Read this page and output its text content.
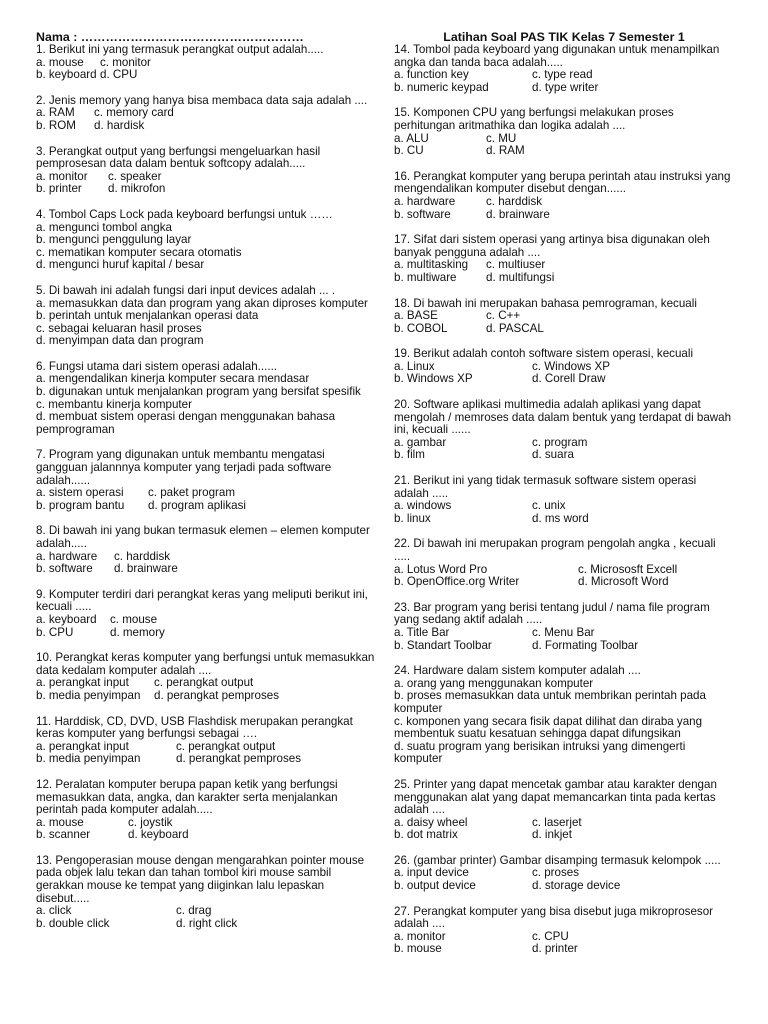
Nama : ………………………………………………
1. Berikut ini yang termasuk perangkat output adalah.....
a. mouse c. monitor
b. keyboard d. CPU
2. Jenis memory yang hanya bisa membaca data saja adalah ....
a. RAM c. memory card
b. ROM d. hardisk
3. Perangkat output yang berfungsi mengeluarkan hasil pemprosesan data dalam bentuk softcopy adalah.....
a. monitor c. speaker
b. printer d. mikrofon
4. Tombol Caps Lock pada keyboard berfungsi untuk ……
a. mengunci tombol angka
b. mengunci penggulung layar
c. mematikan komputer secara otomatis
d. mengunci huruf kapital / besar
5. Di bawah ini adalah fungsi dari input devices adalah ... .
a. memasukkan data dan program yang akan diproses komputer
b. perintah untuk menjalankan operasi data
c. sebagai keluaran hasil proses
d. menyimpan data dan program
6. Fungsi utama dari sistem operasi adalah......
a. mengendalikan kinerja komputer secara mendasar
b. digunakan untuk menjalankan program yang bersifat spesifik
c. membantu kinerja komputer
d. membuat sistem operasi dengan menggunakan bahasa pemprograman
7. Program yang digunakan untuk membantu mengatasi gangguan jalannnya komputer yang terjadi pada software adalah......
a. sistem operasi c. paket program
b. program bantu d. program aplikasi
8. Di bawah ini yang bukan termasuk elemen – elemen komputer adalah.....
a. hardware c. harddisk
b. software d. brainware
9. Komputer terdiri dari perangkat keras yang meliputi berikut ini, kecuali .....
a. keyboard c. mouse
b. CPU	d. memory
10. Perangkat keras komputer yang berfungsi untuk memasukkan data kedalam komputer adalah ....
a. perangkat input c. perangkat output
b. media penyimpan d. perangkat pemproses
11. Harddisk, CD, DVD, USB Flashdisk merupakan perangkat keras komputer yang berfungsi sebagai ….
a. perangkat input	c. perangkat output
b. media penyimpan	d. perangkat pemproses
12. Peralatan komputer berupa papan ketik yang berfungsi memasukkan data, angka, dan karakter serta menjalankan perintah pada komputer adalah.....
a. mouse	c. joystik
b. scanner	d. keyboard
13. Pengoperasian mouse dengan mengarahkan pointer mouse pada objek lalu tekan dan tahan tombol kiri mouse sambil gerakkan mouse ke tempat yang diiginkan lalu lepaskan disebut.....
a. click	c. drag
b. double click	d. right click
Latihan Soal PAS TIK Kelas 7 Semester 1
14. Tombol pada keyboard yang digunakan untuk menampilkan angka dan tanda baca adalah.....
a. function key	c. type read
b. numeric keypad	d. type writer
15. Komponen CPU yang berfungsi melakukan proses perhitungan aritmathika dan logika adalah ....
a. ALU	c. MU
b. CU	d. RAM
16. Perangkat komputer yang berupa perintah atau instruksi yang mengendalikan komputer disebut dengan......
a. hardware	c. harddisk
b. software	d. brainware
17. Sifat dari sistem operasi yang artinya bisa digunakan oleh banyak pengguna adalah ....
a. multitasking c. multiuser
b. multiware	d. multifungsi
18. Di bawah ini merupakan bahasa pemrograman, kecuali
a. BASE	c. C++
b. COBOL	d. PASCAL
19. Berikut adalah contoh software sistem operasi, kecuali
a. Linux	c. Windows XP
b. Windows XP	d. Corell Draw
20. Software aplikasi multimedia adalah aplikasi yang dapat mengolah / memroses data dalam bentuk yang terdapat di bawah ini, kecuali ......
a. gambar	c. program
b. film	d. suara
21. Berikut ini yang tidak termasuk software sistem operasi adalah .....
a. windows	c. unix
b. linux	d. ms word
22. Di bawah ini merupakan program pengolah angka , kecuali .....
a. Lotus Word Pro	c. Micrososft Excell
b. OpenOffice.org Writer	d. Microsoft Word
23. Bar program yang berisi tentang judul / nama file program yang sedang aktif adalah .....
a. Title Bar	c. Menu Bar
b. Standart Toolbar	d. Formating Toolbar
24. Hardware dalam sistem komputer adalah ....
a. orang yang menggunakan komputer
b. proses memasukkan data untuk membrikan perintah pada komputer
c. komponen yang secara fisik dapat dilihat dan diraba yang membentuk suatu kesatuan sehingga dapat difungsikan
d. suatu program yang berisikan intruksi yang dimengerti komputer
25. Printer yang dapat mencetak gambar atau karakter dengan menggunakan alat yang dapat memancarkan tinta pada kertas adalah ....
a. daisy wheel	c. laserjet
b. dot matrix	d. inkjet
26. (gambar printer) Gambar disamping termasuk kelompok .....
a. input device	c. proses
b. output device	d. storage device
27. Perangkat komputer yang bisa disebut juga mikroprosesor adalah ....
a. monitor	c. CPU
b. mouse	d. printer
